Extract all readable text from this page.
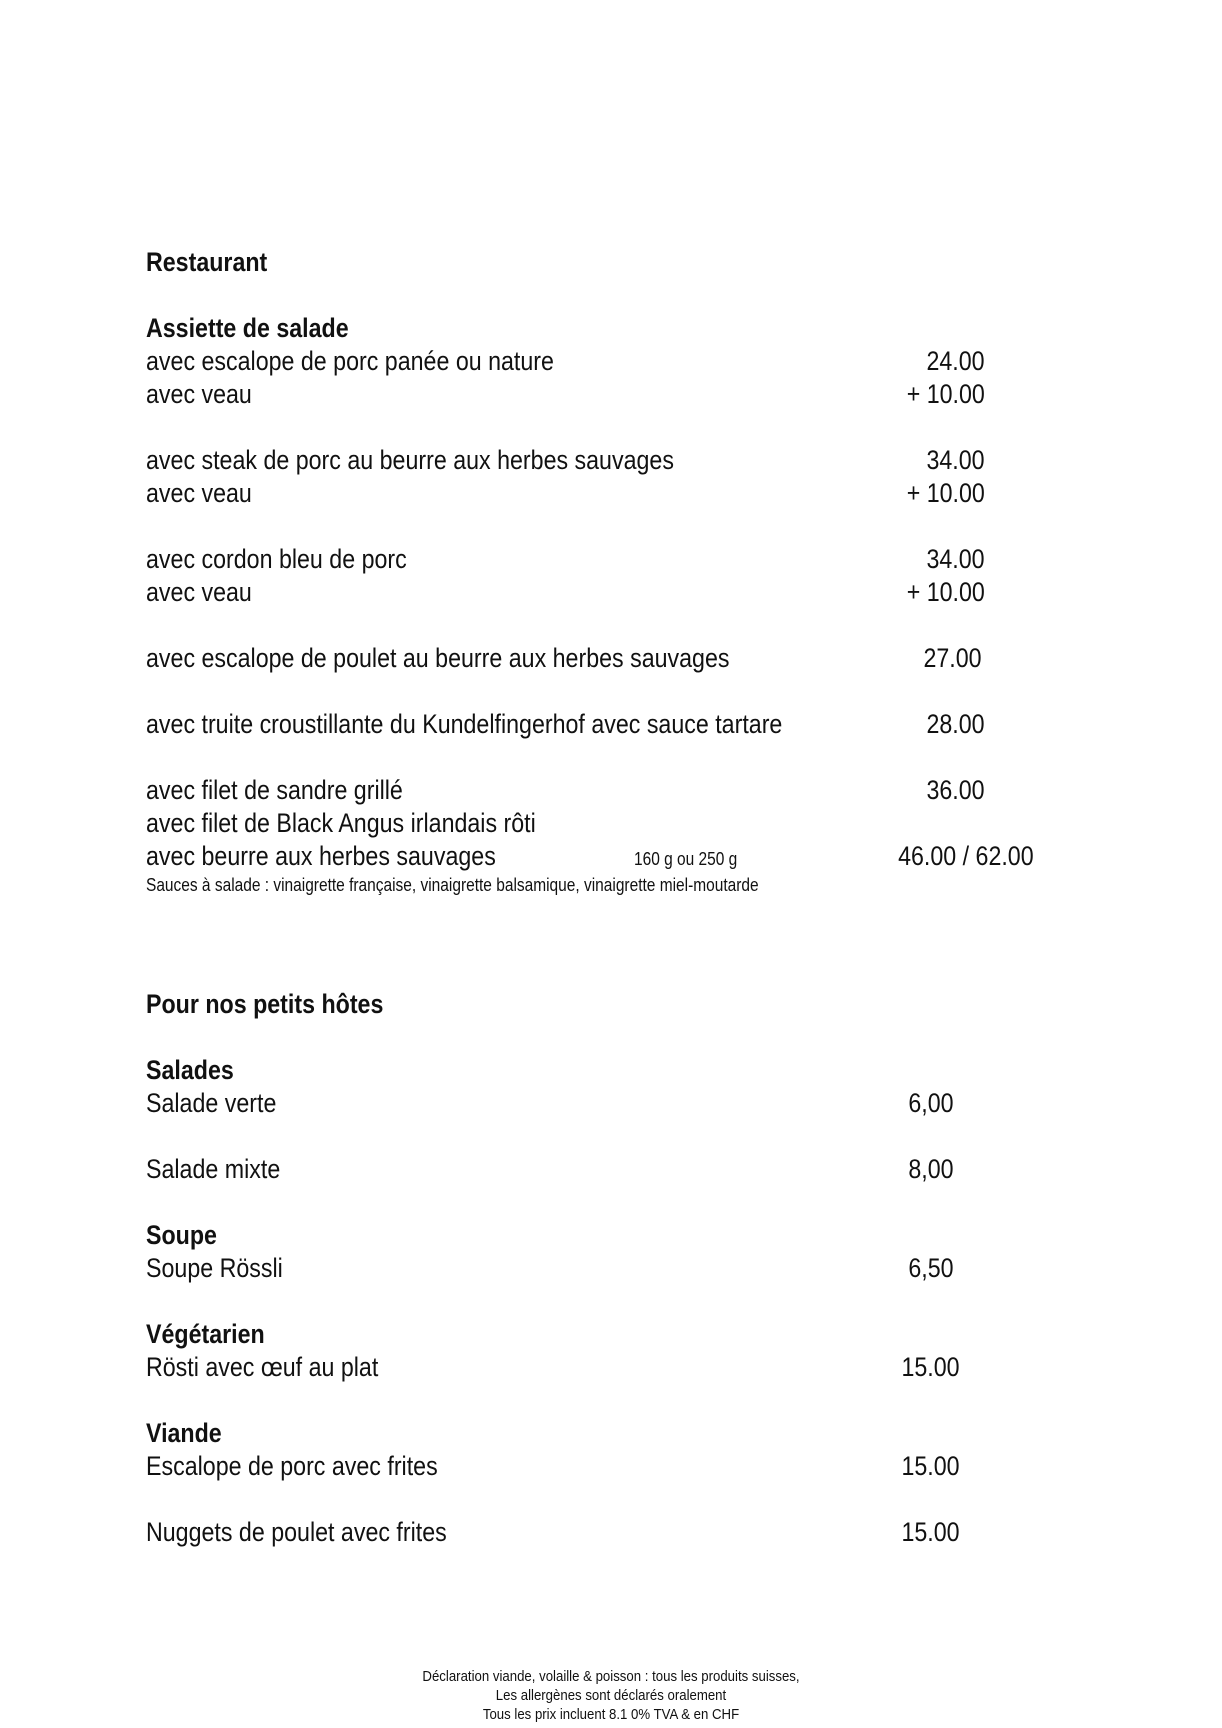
Restaurant
Assiette de salade
avec escalope de porc panée ou nature	24.00
avec veau	+ 10.00
avec steak de porc au beurre aux herbes sauvages	34.00
avec veau	+ 10.00
avec cordon bleu de porc	34.00
avec veau	+ 10.00
avec escalope de poulet au beurre aux herbes sauvages	27.00
avec truite croustillante du Kundelfingerhof avec sauce tartare	28.00
avec filet de sandre grillé	36.00
avec filet de Black Angus irlandais rôti
avec beurre aux herbes sauvages	160 g ou 250 g	46.00 / 62.00
Sauces à salade : vinaigrette française, vinaigrette balsamique, vinaigrette miel-moutarde
Pour nos petits hôtes
Salades
Salade verte	6,00
Salade mixte	8,00
Soupe
Soupe Rössli	6,50
Végétarien
Rösti avec œuf au plat	15.00
Viande
Escalope de porc avec frites	15.00
Nuggets de poulet avec frites	15.00
Déclaration viande, volaille & poisson : tous les produits suisses,
Les allergènes sont déclarés oralement
Tous les prix incluent 8.1 0% TVA & en CHF
